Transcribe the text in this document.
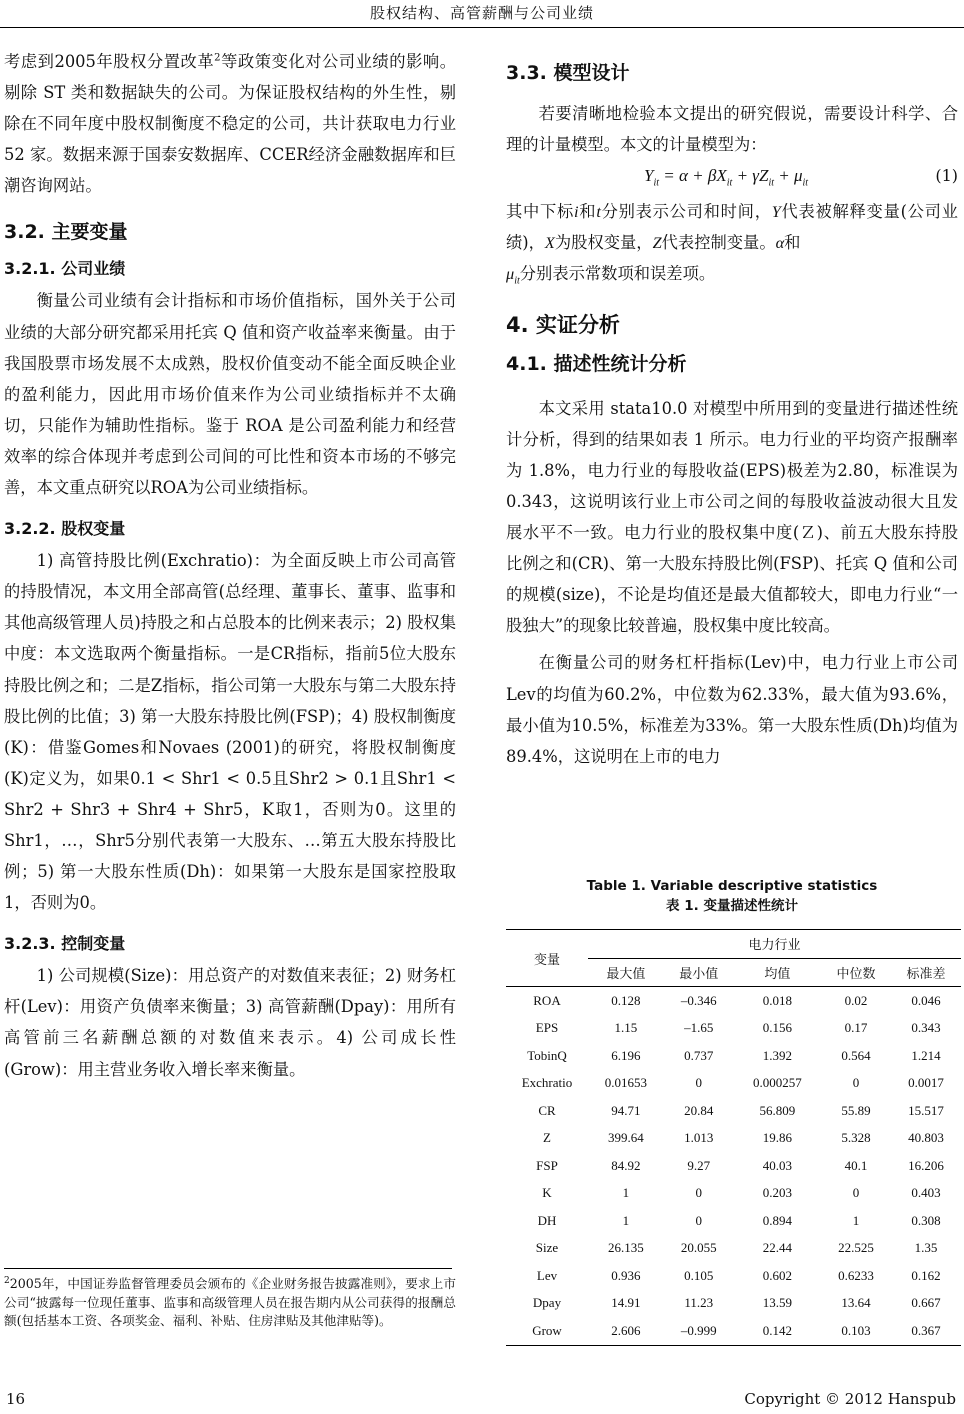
股权结构、高管薪酬与公司业绩

考虑到2005年股权分置改革$^2$等政策变化对公司业绩的影响。剔除 ST 类和数据缺失的公司。为保证股权结构的外生性，剔除在不同年度中股权制衡度不稳定的公司，共计获取电力行业 52 家。数据来源于国泰安数据库、CCER经济金融数据库和巨潮咨询网站。

3.2. 主要变量
3.2.1. 公司业绩

衡量公司业绩有会计指标和市场价值指标，国外关于公司业绩的大部分研究都采用托宾 Q 值和资产收益率来衡量。由于我国股票市场发展不太成熟，股权价值变动不能全面反映企业的盈利能力，因此用市场价值来作为公司业绩指标并不太确切，只能作为辅助性指标。鉴于 ROA 是公司盈利能力和经营效率的综合体现并考虑到公司间的可比性和资本市场的不够完善，本文重点研究以ROA为公司业绩指标。

3.2.2. 股权变量

1) 高管持股比例(Exchratio)：为全面反映上市公司高管的持股情况，本文用全部高管(总经理、董事长、董事、监事和其他高级管理人员)持股之和占总股本的比例来表示；2) 股权集中度：本文选取两个衡量指标。一是CR指标，指前5位大股东持股比例之和；二是Z指标，指公司第一大股东与第二大股东持股比例的比值；3) 第一大股东持股比例(FSP)；4) 股权制衡度(K)：借鉴Gomes和Novaes (2001)的研究，将股权制衡度(K)定义为，如果0.1 < Shr1 < 0.5且Shr2 > 0.1且Shr1 < Shr2 + Shr3 + Shr4 + Shr5，K取1，否则为0。这里的Shr1，…，Shr5分别代表第一大股东、…第五大股东持股比例；5) 第一大股东性质(Dh)：如果第一大股东是国家控股取1，否则为0。

3.2.3. 控制变量

1) 公司规模(Size)：用总资产的对数值来表征；2) 财务杠杆(Lev)：用资产负债率来衡量；3) 高管薪酬(Dpay)：用所有高管前三名薪酬总额的对数值来表示。4) 公司成长性(Grow)：用主营业务收入增长率来衡量。

$^2$2005年，中国证券监督管理委员会颁布的《企业财务报告披露准则》，要求上市公司“披露每一位现任董事、监事和高级管理人员在报告期内从公司获得的报酬总额(包括基本工资、各项奖金、福利、补贴、住房津贴及其他津贴等)。
3.3. 模型设计

若要清晰地检验本文提出的研究假说，需要设计科学、合理的计量模型。本文的计量模型为：

$Y_{it} = \alpha + \beta X_{it} + \gamma Z_{it} + \mu_{it}$	(1)

其中下标i和t分别表示公司和时间，Y代表被解释变量(公司业绩)，X为股权变量，Z代表控制变量。α和
$\mu_{it}$分别表示常数项和误差项。

4. 实证分析
4.1. 描述性统计分析

本文采用 stata10.0 对模型中所用到的变量进行描述性统计分析，得到的结果如表 1 所示。电力行业的平均资产报酬率为 1.8%，电力行业的每股收益(EPS)极差为2.80，标准误为0.343，这说明该行业上市公司之间的每股收益波动很大且发展水平不一致。电力行业的股权集中度(Ｚ)、前五大股东持股比例之和(CR)、第一大股东持股比例(FSP)、托宾 Q 值和公司的规模(size)，不论是均值还是最大值都较大，即电力行业“一股独大”的现象比较普遍，股权集中度比较高。

在衡量公司的财务杠杆指标(Lev)中，电力行业上市公司Lev的均值为60.2%，中位数为62.33%，最大值为93.6%，最小值为10.5%，标准差为33%。第一大股东性质(Dh)均值为 89.4%，这说明在上市的电力

Table 1. Variable descriptive statistics
表 1. 变量描述性统计
变量	电力行业				
	最大值	最小值	均值	中位数	标准差
ROA	0.128	–0.346	0.018	0.02	0.046
EPS	1.15	–1.65	0.156	0.17	0.343
TobinQ	6.196	0.737	1.392	0.564	1.214
Exchratio	0.01653	0	0.000257	0	0.0017
CR	94.71	20.84	56.809	55.89	15.517
Z	399.64	1.013	19.86	5.328	40.803
FSP	84.92	9.27	40.03	40.1	16.206
K	1	0	0.203	0	0.403
DH	1	0	0.894	1	0.308
Size	26.135	20.055	22.44	22.525	1.35
Lev	0.936	0.105	0.602	0.6233	0.162
Dpay	14.91	11.23	13.59	13.64	0.667
Grow	2.606	–0.999	0.142	0.103	0.367
16	Copyright © 2012 Hanspub
